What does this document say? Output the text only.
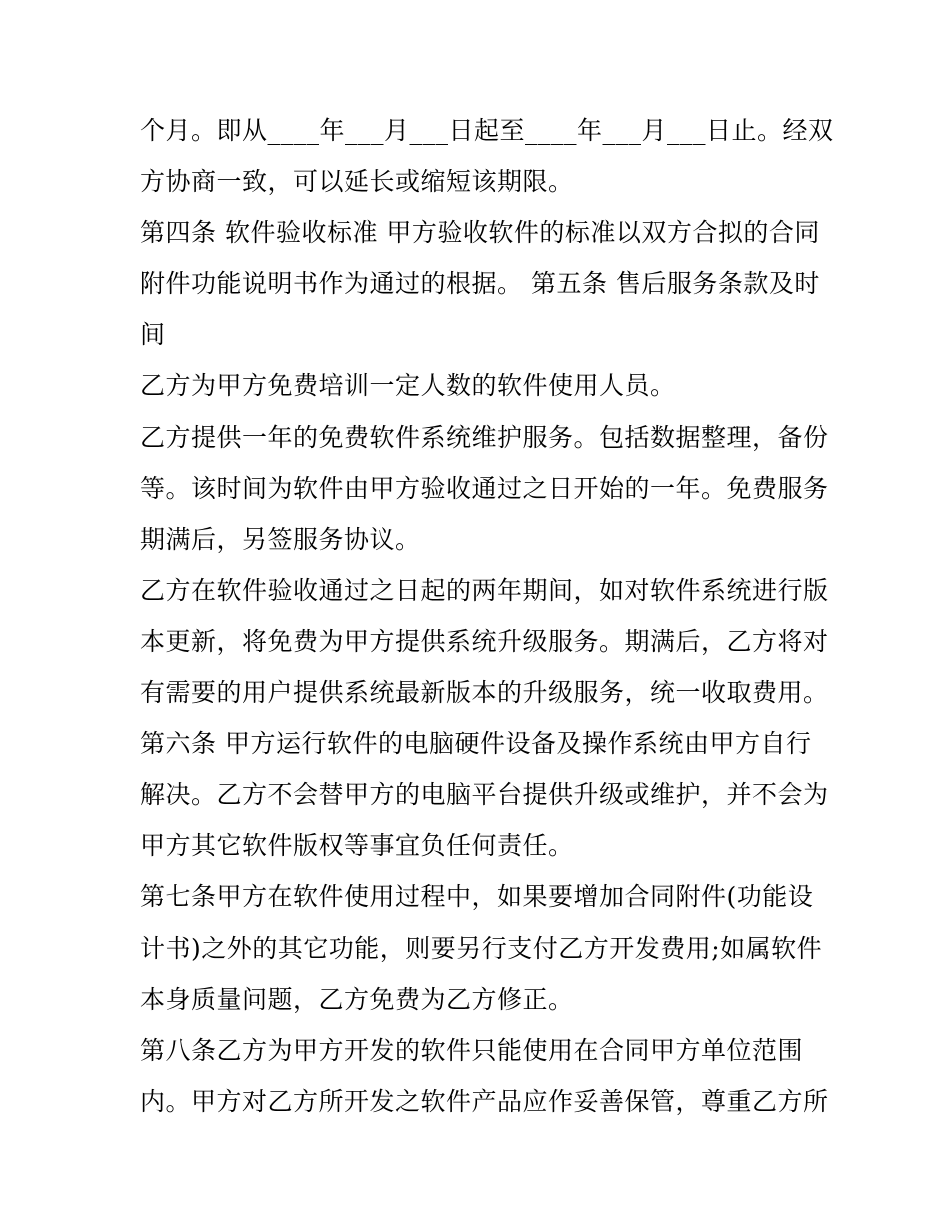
个月。即从____年___月___日起至____年___月___日止。经双
方协商一致，可以延长或缩短该期限。
第四条 软件验收标准 甲方验收软件的标准以双方合拟的合同
附件功能说明书作为通过的根据。 第五条 售后服务条款及时
间
乙方为甲方免费培训一定人数的软件使用人员。
乙方提供一年的免费软件系统维护服务。包括数据整理，备份
等。该时间为软件由甲方验收通过之日开始的一年。免费服务
期满后，另签服务协议。
乙方在软件验收通过之日起的两年期间，如对软件系统进行版
本更新，将免费为甲方提供系统升级服务。期满后，乙方将对
有需要的用户提供系统最新版本的升级服务，统一收取费用。
第六条 甲方运行软件的电脑硬件设备及操作系统由甲方自行
解决。乙方不会替甲方的电脑平台提供升级或维护，并不会为
甲方其它软件版权等事宜负任何责任。
第七条甲方在软件使用过程中，如果要增加合同附件(功能设
计书)之外的其它功能，则要另行支付乙方开发费用;如属软件
本身质量问题，乙方免费为乙方修正。
第八条乙方为甲方开发的软件只能使用在合同甲方单位范围
内。甲方对乙方所开发之软件产品应作妥善保管，尊重乙方所
